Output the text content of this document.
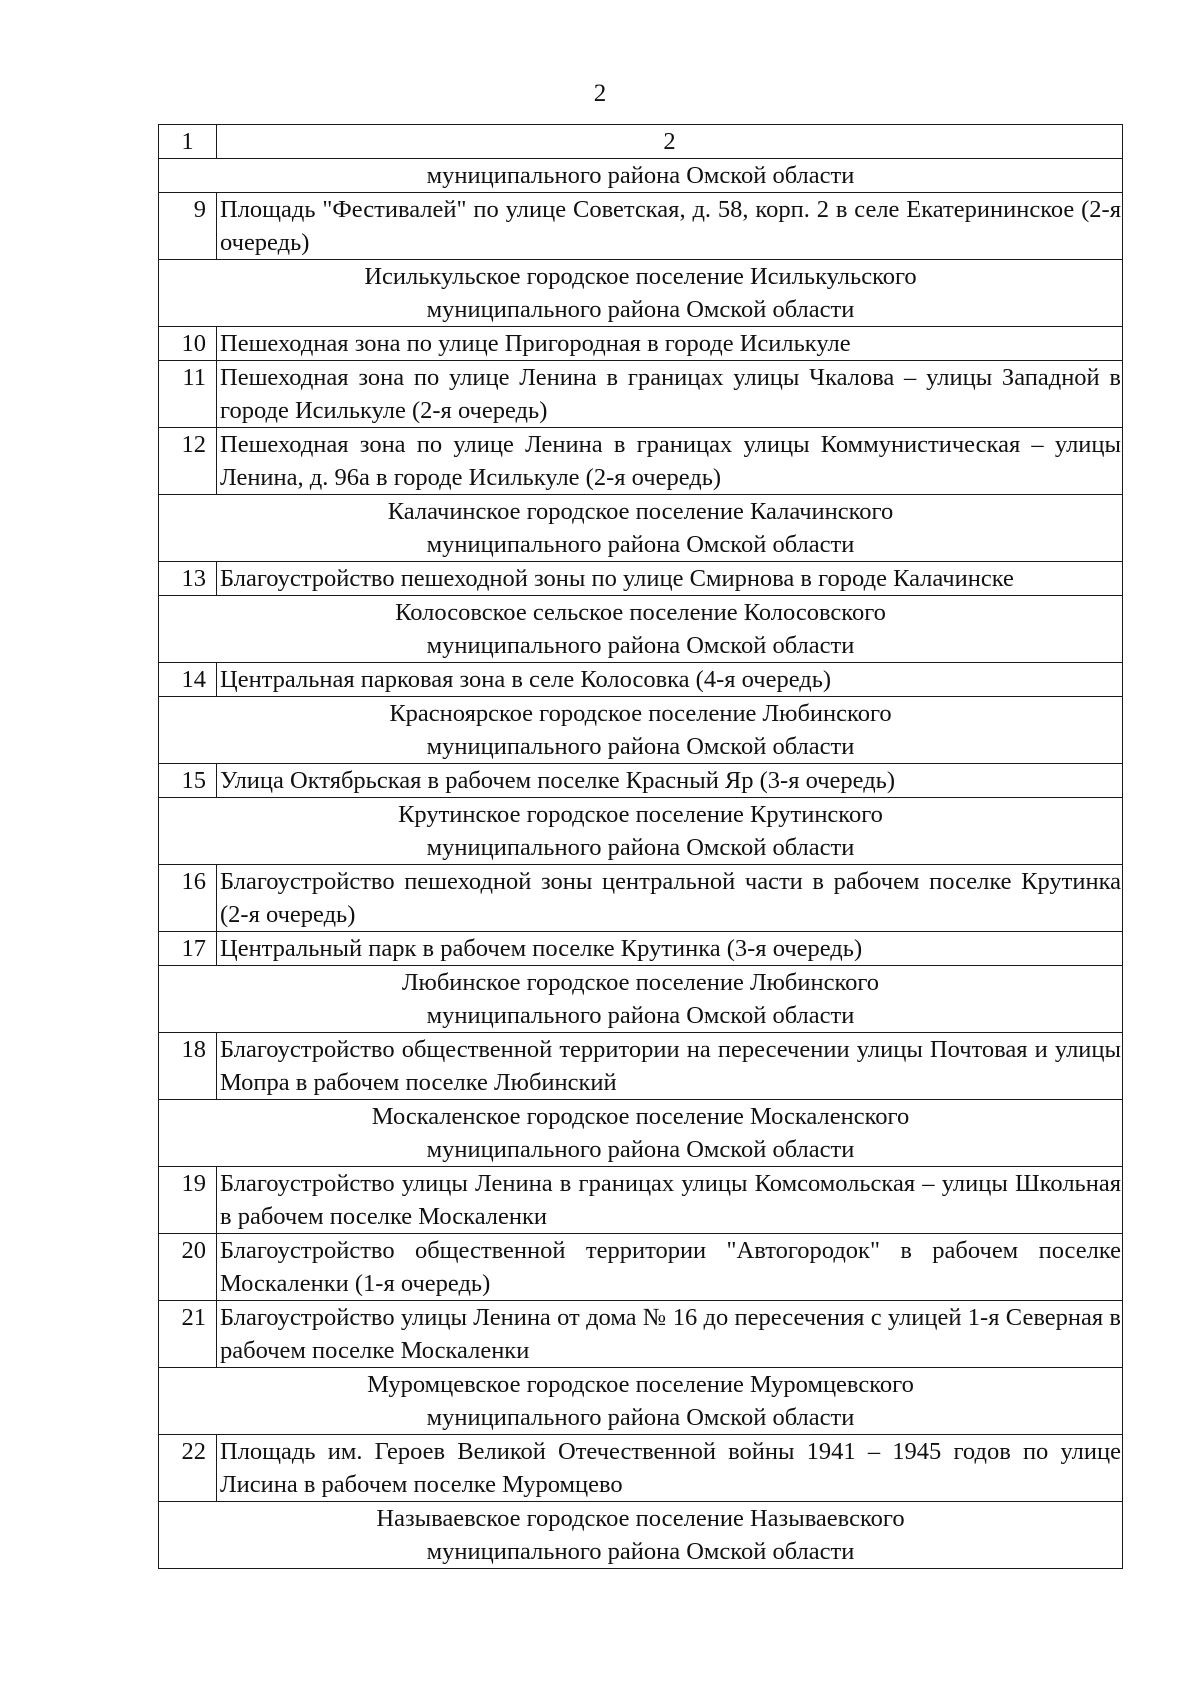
2
1	2

муниципального района Омской области	

9	Площадь "Фестивалей" по улице Советская, д. 58, корп. 2 в селе Екатерининское (2-я очередь)

Исилькульское городское поселение Исилькульского
муниципального района Омской области	

10	Пешеходная зона по улице Пригородная в городе Исилькуле
11	Пешеходная зона по улице Ленина в границах улицы Чкалова – улицы Западной в городе Исилькуле (2-я очередь)
12	Пешеходная зона по улице Ленина в границах улицы Коммунистическая – улицы Ленина, д. 96а в городе Исилькуле (2-я очередь)

Калачинское городское поселение Калачинского
муниципального района Омской области	

13	Благоустройство пешеходной зоны по улице Смирнова в городе Калачинске

Колосовское сельское поселение Колосовского
муниципального района Омской области	

14	Центральная парковая зона в селе Колосовка (4-я очередь)

Красноярское городское поселение Любинского
муниципального района Омской области	

15	Улица Октябрьская в рабочем поселке Красный Яр (3-я очередь)

Крутинское городское поселение Крутинского
муниципального района Омской области	

16	Благоустройство пешеходной зоны центральной части в рабочем поселке Крутинка (2-я очередь)
17	Центральный парк в рабочем поселке Крутинка (3-я очередь)

Любинское городское поселение Любинского
муниципального района Омской области	

18	Благоустройство общественной территории на пересечении улицы Почтовая и улицы Мопра в рабочем поселке Любинский

Москаленское городское поселение Москаленского
муниципального района Омской области	

19	Благоустройство улицы Ленина в границах улицы Комсомольская – улицы Школьная в рабочем поселке Москаленки
20	Благоустройство общественной территории "Автогородок" в рабочем поселке Москаленки (1-я очередь)
21	Благоустройство улицы Ленина от дома № 16 до пересечения с улицей 1-я Северная в рабочем поселке Москаленки

Муромцевское городское поселение Муромцевского
муниципального района Омской области	

22	Площадь им. Героев Великой Отечественной войны 1941 – 1945 годов по улице Лисина в рабочем поселке Муромцево

Называевское городское поселение Называевского
муниципального района Омской области	
